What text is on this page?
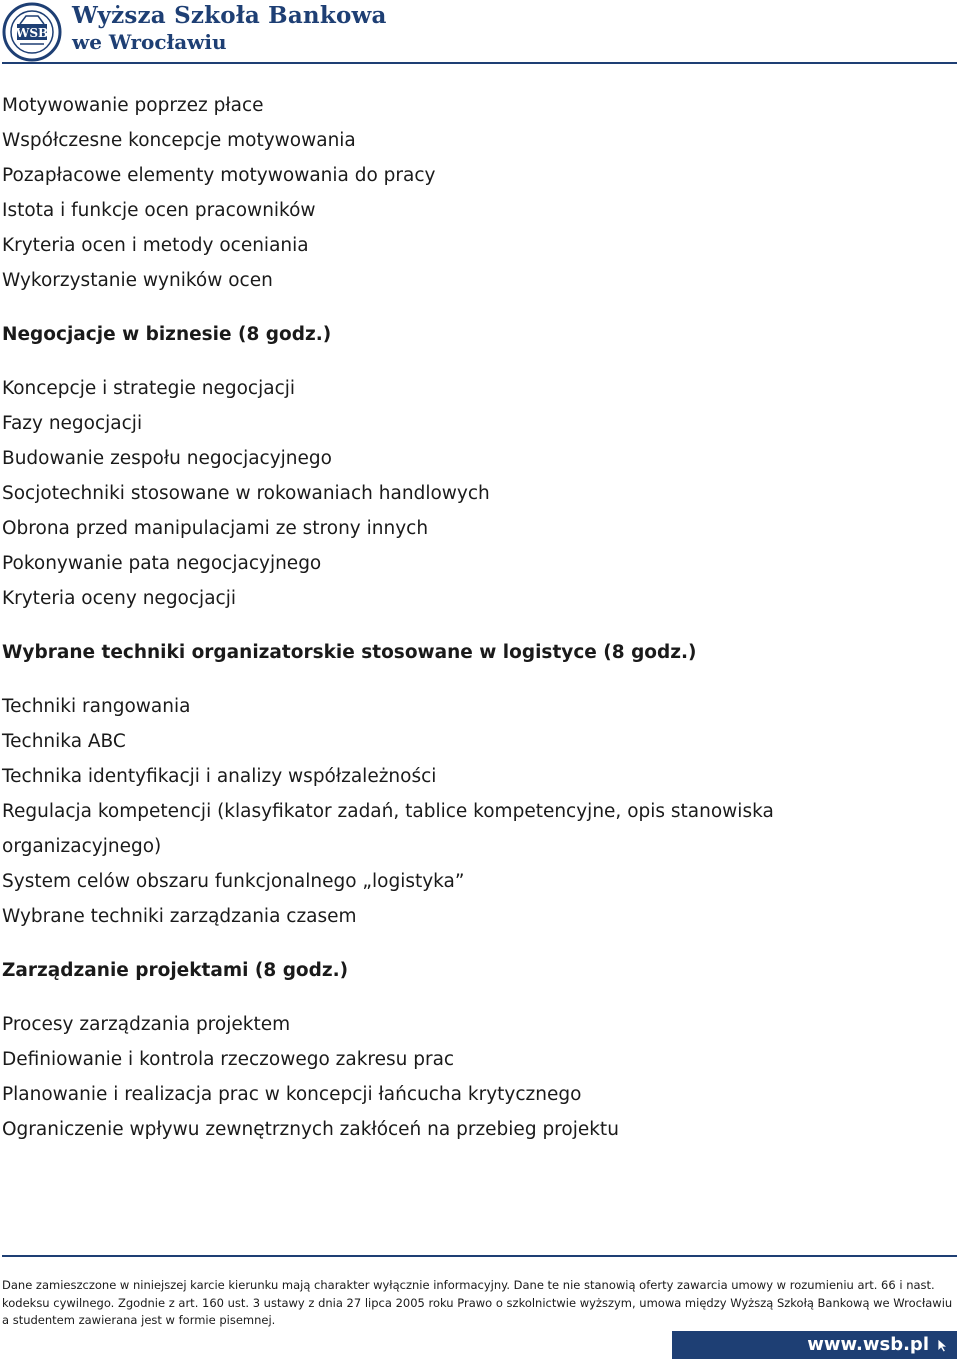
WSB
Wyższa Szkoła Bankowa
we Wrocławiu
Motywowanie poprzez płace
Współczesne koncepcje motywowania
Pozapłacowe elementy motywowania do pracy
Istota i funkcje ocen pracowników
Kryteria ocen i metody oceniania
Wykorzystanie wyników ocen
Negocjacje w biznesie (8 godz.)
Koncepcje i strategie negocjacji
Fazy negocjacji
Budowanie zespołu negocjacyjnego
Socjotechniki stosowane w rokowaniach handlowych
Obrona przed manipulacjami ze strony innych
Pokonywanie pata negocjacyjnego
Kryteria oceny negocjacji
Wybrane techniki organizatorskie stosowane w logistyce (8 godz.)
Techniki rangowania
Technika ABC
Technika identyfikacji i analizy współzależności
Regulacja kompetencji (klasyfikator zadań, tablice kompetencyjne, opis stanowiska
organizacyjnego)
System celów obszaru funkcjonalnego „logistyka”
Wybrane techniki zarządzania czasem
Zarządzanie projektami (8 godz.)
Procesy zarządzania projektem
Definiowanie i kontrola rzeczowego zakresu prac
Planowanie i realizacja prac w koncepcji łańcucha krytycznego
Ograniczenie wpływu zewnętrznych zakłóceń na przebieg projektu
Dane zamieszczone w niniejszej karcie kierunku mają charakter wyłącznie informacyjny. Dane te nie stanowią oferty zawarcia umowy w rozumieniu art. 66 i nast.
kodeksu cywilnego. Zgodnie z art. 160 ust. 3 ustawy z dnia 27 lipca 2005 roku Prawo o szkolnictwie wyższym, umowa między Wyższą Szkołą Bankową we Wrocławiu
a studentem zawierana jest w formie pisemnej.
www.wsb.pl
